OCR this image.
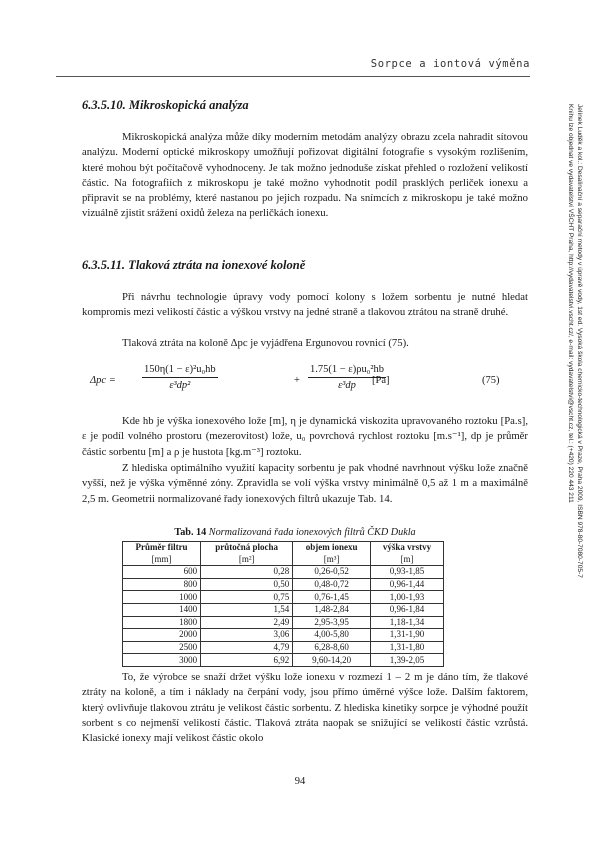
Sorpce a iontová výměna
Jelínek Luděk a kol.: Desalinační a separační metody v úpravě vody, 1st ed. Vysoká škola chemicko-technologická v Praze, Praha 2009, ISBN 978-80-7080-705-7
Knihu lze objednat ve vydavatelství VŠCHT Praha, http://vydavatelstvi.vscht.cz/, e-mail: vydavatelstvi@vscht.cz, tel.: (+420) 220 443 211
6.3.5.10. Mikroskopická analýza

Mikroskopická analýza může díky moderním metodám analýzy obrazu zcela nahradit sítovou analýzu. Moderní optické mikroskopy umožňují pořizovat digitální fotografie s vysokým rozlišením, které mohou být počítačově vyhodnoceny. Je tak možno jednoduše získat přehled o rozložení velikostí částic. Na fotografiích z mikroskopu je také možno vyhodnotit podíl prasklých perliček ionexu a připravit se na problémy, které nastanou po jejich rozpadu. Na snímcích z mikroskopu je také možno vizuálně zjistit srážení oxidů železa na perličkách ionexu.

6.3.5.11. Tlaková ztráta na ionexové koloně

Při návrhu technologie úpravy vody pomocí kolony s ložem sorbentu je nutné hledat kompromis mezi velikostí částic a výškou vrstvy na jedné straně a tlakovou ztrátou na straně druhé.

Tlaková ztráta na koloně Δpc je vyjádřena Ergunovou rovnicí (75).

$\Delta pc = \frac{\text{150η(1 − ε)²u₀hb}}{\text{ε³dp²}}$	+ $\frac{\text{1.75(1 − ε)ρu₀²hb}}{\text{ε³dp}}$
[Pa]	(75)

Kde hb je výška ionexového lože [m], η je dynamická viskozita upravovaného roztoku [Pa.s], ε je podíl volného prostoru (mezerovitost) lože, u₀ povrchová rychlost roztoku [m.s⁻¹], dp je průměr částic sorbentu [m] a ρ je hustota [kg.m⁻³] roztoku.

Z hlediska optimálního využití kapacity sorbentu je pak vhodné navrhnout výšku lože značně vyšší, než je výška výměnné zóny. Zpravidla se volí výška vrstvy minimálně 0,5 až 1 m a maximálně 2,5 m. Geometrii normalizované řady ionexových filtrů ukazuje Tab. 14.

Tab. 14 Normalizovaná řada ionexových filtrů ČKD Dukla

Průměr filtru	průtočná plocha	objem ionexu	výška vrstvy
[mm]	[m²]	[m³]	[m]
600	0,28	0,26-0,52	0,93-1,85
800	0,50	0,48-0,72	0,96-1,44
1000	0,75	0,76-1,45	1,00-1,93
1400	1,54	1,48-2,84	0,96-1,84
1800	2,49	2,95-3,95	1,18-1,34
2000	3,06	4,00-5,80	1,31-1,90
2500	4,79	6,28-8,60	1,31-1,80
3000	6,92	9,60-14,20	1,39-2,05

To, že výrobce se snaží držet výšku lože ionexu v rozmezí 1 – 2 m je dáno tím, že tlakové ztráty na koloně, a tím i náklady na čerpání vody, jsou přímo úměrné výšce lože. Dalším faktorem, který ovlivňuje tlakovou ztrátu je velikost částic sorbentu. Z hlediska kinetiky sorpce je výhodné použít sorbent s co nejmenší velikostí částic. Tlaková ztráta naopak se snižující se velikostí částic vzrůstá. Klasické ionexy mají velikost částic okolo

94
